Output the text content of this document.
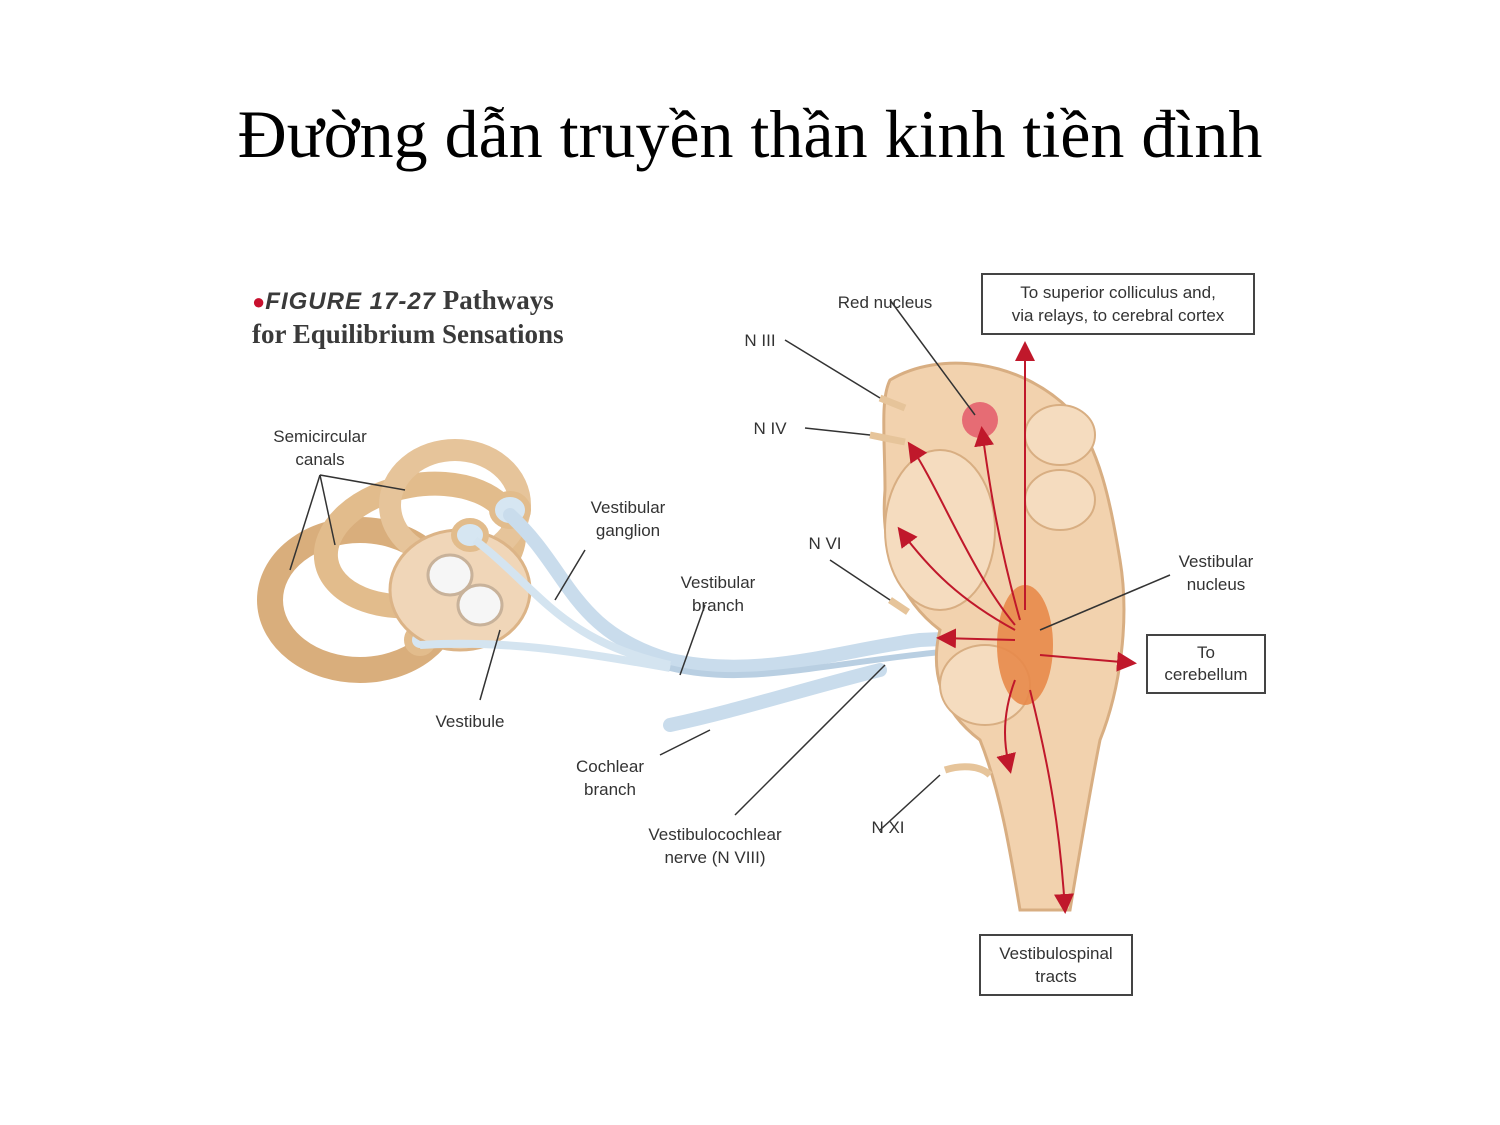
Đường dẫn truyền thần kinh tiền đình
●FIGURE 17-27 Pathways
for Equilibrium Sensations
Semicircular
canals
Vestibule
Vestibular
ganglion
Vestibular
branch
Cochlear
branch
Vestibulocochlear
nerve (N VIII)
Red nucleus
N III
N IV
N VI
N XI
Vestibular
nucleus
To superior colliculus and,
via relays, to cerebral cortex
To
cerebellum
Vestibulospinal
tracts
